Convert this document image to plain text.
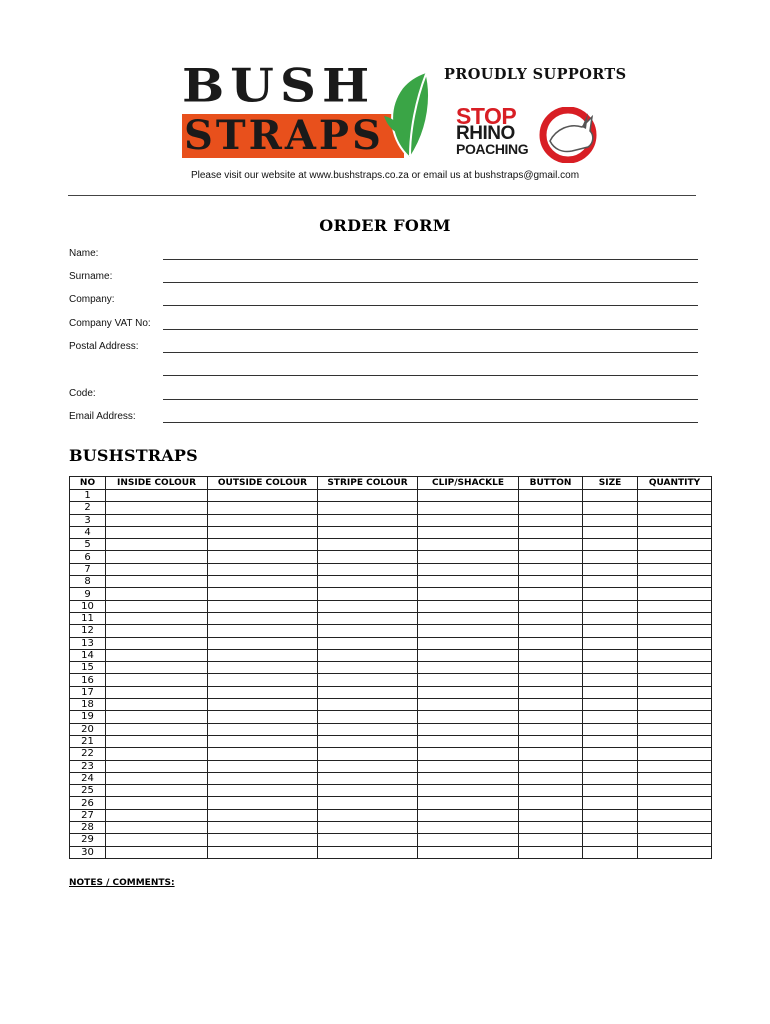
BUSH
STRAPS
PROUDLY SUPPORTS
STOP
RHINO
POACHING
Please visit our website at www.bushstraps.co.za or email us at bushstraps@gmail.com
ORDER FORM
Name:
Surname:
Company:
Company VAT No:
Postal Address:
Code:
Email Address:
BUSHSTRAPS
NO	INSIDE COLOUR	OUTSIDE COLOUR	STRIPE COLOUR	CLIP/SHACKLE	BUTTON	SIZE	QUANTITY
1							
2							
3							
4							
5							
6							
7							
8							
9							
10							
11							
12							
13							
14							
15							
16							
17							
18							
19							
20							
21							
22							
23							
24							
25							
26							
27							
28							
29							
30							
NOTES / COMMENTS:
